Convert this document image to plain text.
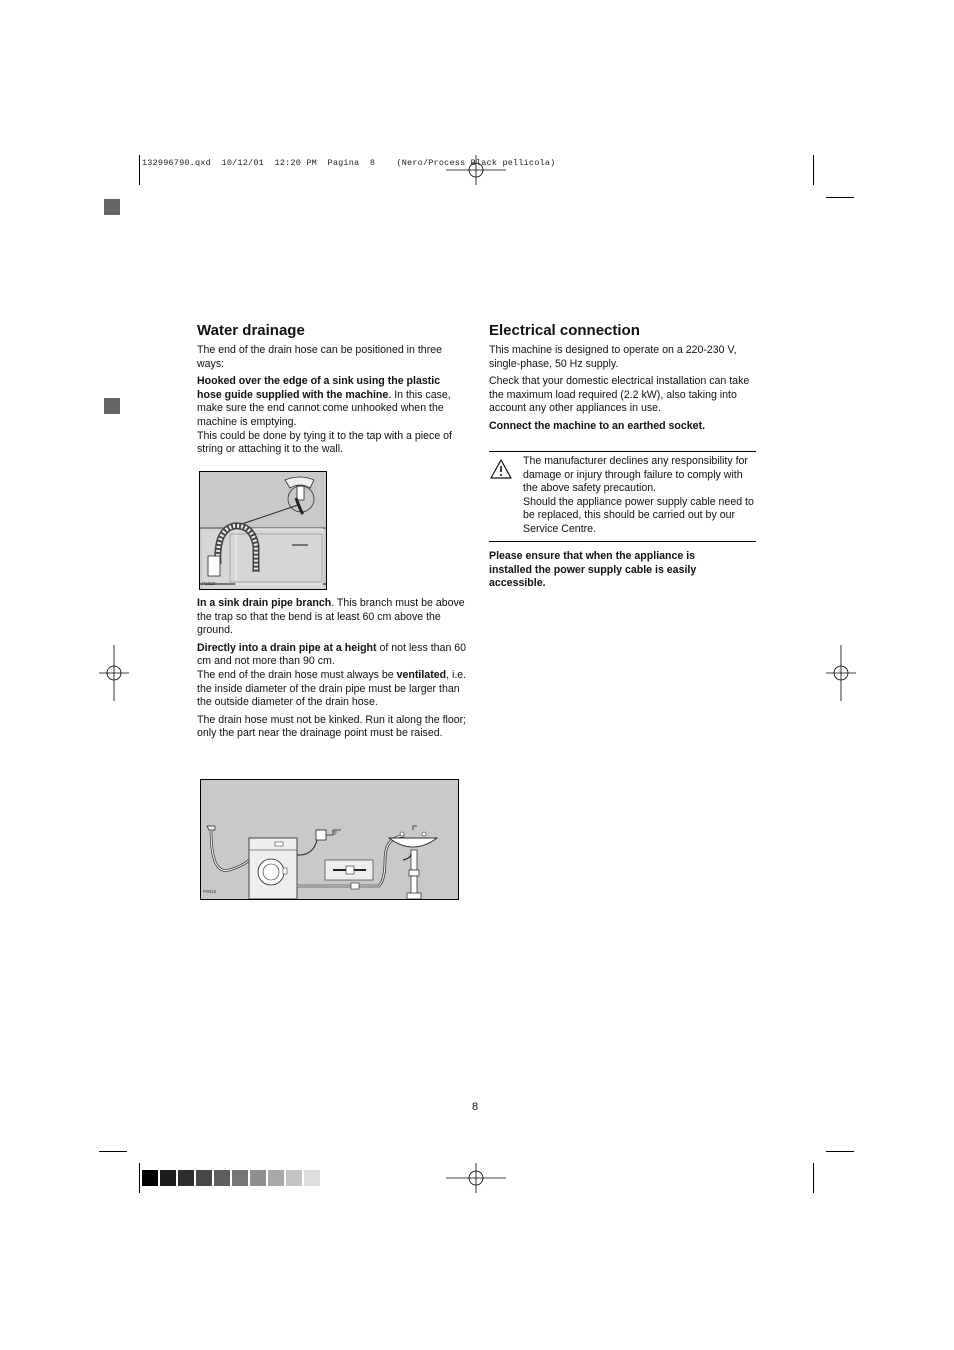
132996790.qxd  10/12/01  12:20 PM  Pagina  8    (Nero/Process Black pellicola)
Water drainage

The end of the drain hose can be positioned in three ways:

Hooked over the edge of a sink using the plastic hose guide supplied with the machine. In this case, make sure the end cannot come unhooked when the machine is emptying.

This could be done by tying it to the tap with a piece of string or attaching it to the wall.

P1023

In a sink drain pipe branch. This branch must be above the trap so that the bend is at least 60 cm above the ground.

Directly into a drain pipe at a height of not less than 60 cm and not more than 90 cm.

The end of the drain hose must always be ventilated, i.e. the inside diameter of the drain pipe must be larger than the outside diameter of the drain hose.

The drain hose must not be kinked. Run it along the floor; only the part near the drainage point must be raised.

P0013
Electrical connection

This machine is designed to operate on a 220-230 V, single-phase, 50 Hz supply.

Check that your domestic electrical installation can take the maximum load required (2.2 kW), also taking into account any other appliances in use.

Connect the machine to an earthed socket.

The manufacturer declines any responsibility for damage or injury through failure to comply with the above safety precaution.

Should the appliance power supply cable need to be replaced, this should be carried out by our Service Centre.

Please ensure that when the appliance is installed the power supply cable is easily accessible.

8
